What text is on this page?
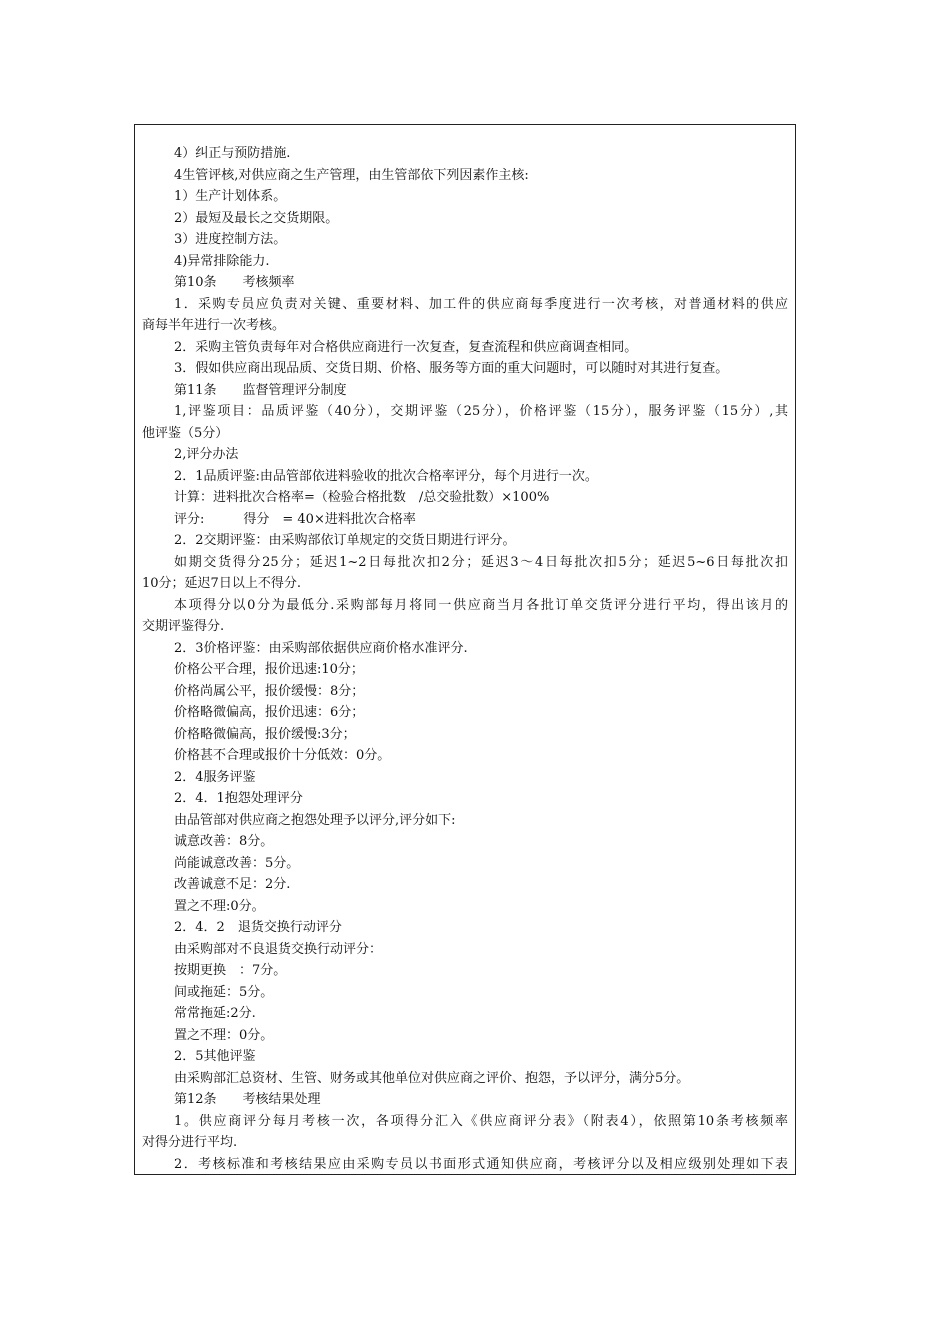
4）纠正与预防措施.
4生管评核,对供应商之生产管理，由生管部依下列因素作主核:
1）生产计划体系。
2）最短及最长之交货期限。
3）进度控制方法。
4)异常排除能力.
第10条　　考核频率
1．采购专员应负责对关键、重要材料、加工件的供应商每季度进行一次考核，对普通材料的供应
商每半年进行一次考核。
2．采购主管负责每年对合格供应商进行一次复查，复查流程和供应商调查相同。
3．假如供应商出现品质、交货日期、价格、服务等方面的重大问题时，可以随时对其进行复查。
第11条　　监督管理评分制度
1,评鉴项目：品质评鉴（40分），交期评鉴（25分），价格评鉴（15分），服务评鉴（15分）,其
他评鉴（5分）
2,评分办法
2．1品质评鉴:由品管部依进料验收的批次合格率评分，每个月进行一次。
计算：进料批次合格率=（检验合格批数　/总交验批数）×100%
评分:　　　得分　= 40×进料批次合格率
2．2交期评鉴：由采购部依订单规定的交货日期进行评分。
如期交货得分25分；延迟1~2日每批次扣2分；延迟3～4日每批次扣5分；延迟5~6日每批次扣
10分；延迟7日以上不得分.
本项得分以0分为最低分.采购部每月将同一供应商当月各批订单交货评分进行平均，得出该月的
交期评鉴得分.
2．3价格评鉴：由采购部依据供应商价格水准评分.
价格公平合理，报价迅速:10分；
价格尚属公平，报价缓慢：8分；
价格略微偏高，报价迅速：6分；
价格略微偏高，报价缓慢:3分；
价格甚不合理或报价十分低效：0分。
2．4服务评鉴
2．4．1抱怨处理评分
由品管部对供应商之抱怨处理予以评分,评分如下:
诚意改善：8分。
尚能诚意改善：5分。
改善诚意不足：2分.
置之不理:0分。
2．4．2　退货交换行动评分
由采购部对不良退货交换行动评分：
按期更换　：7分。
间或拖延：5分。
常常拖延:2分.
置之不理：0分。
2．5其他评鉴
由采购部汇总资材、生管、财务或其他单位对供应商之评价、抱怨，予以评分，满分5分。
第12条　　考核结果处理
1。供应商评分每月考核一次，各项得分汇入《供应商评分表》（附表4），依照第10条考核频率
对得分进行平均.
2．考核标准和考核结果应由采购专员以书面形式通知供应商，考核评分以及相应级别处理如下表
